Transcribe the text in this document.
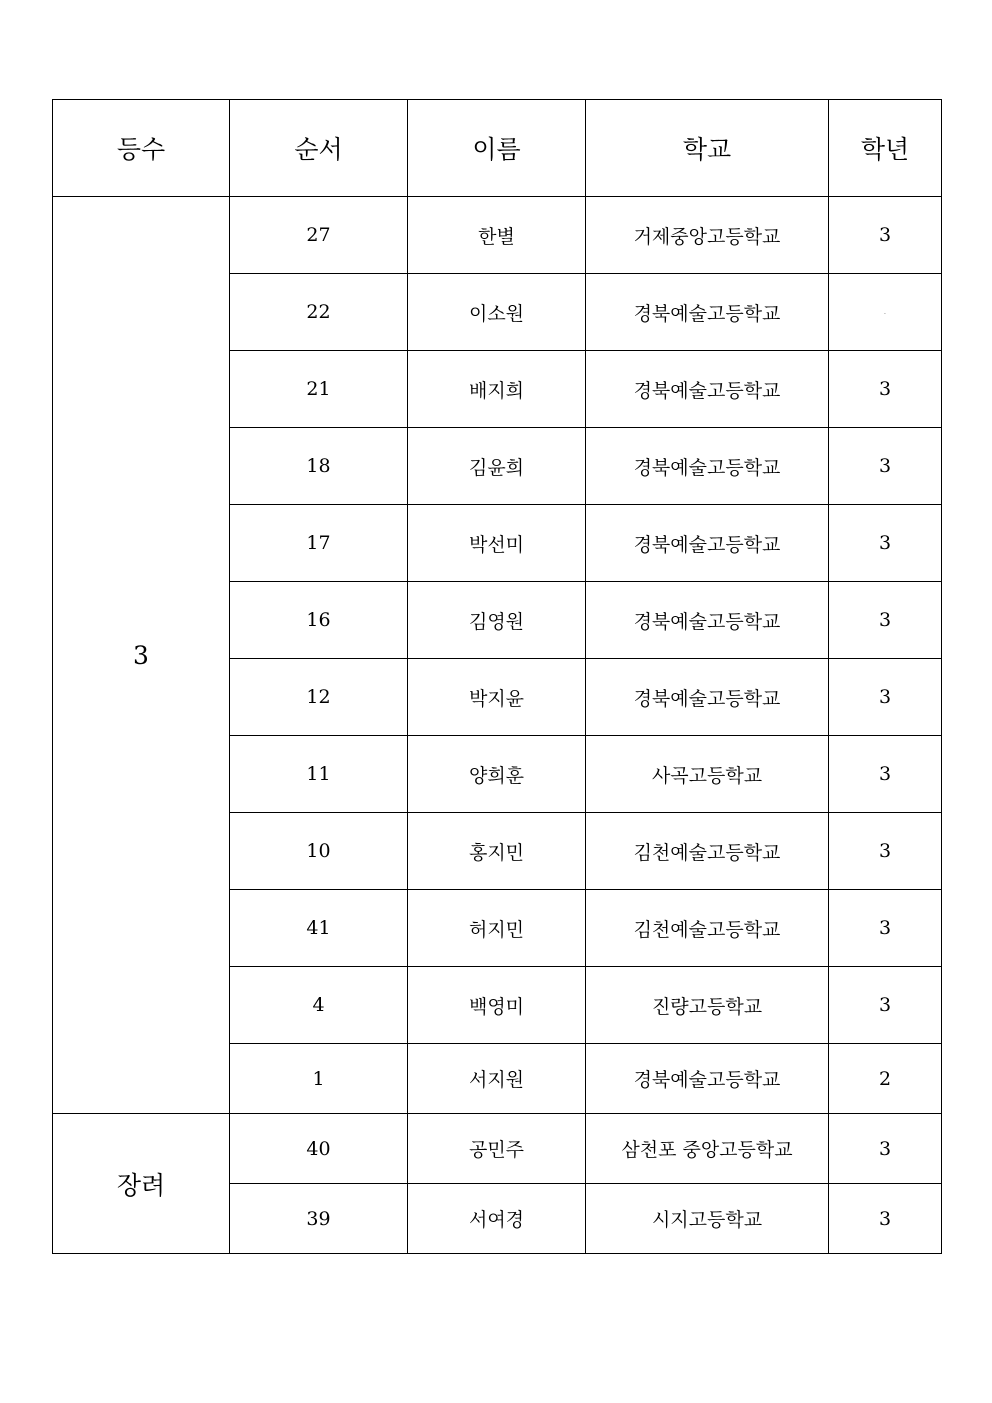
등수	순서	이름	학교	학년
3	27	한별	거제중앙고등학교	3
	22	이소원	경북예술고등학교	.
	21	배지희	경북예술고등학교	3
	18	김윤희	경북예술고등학교	3
	17	박선미	경북예술고등학교	3
	16	김영원	경북예술고등학교	3
	12	박지윤	경북예술고등학교	3
	11	양희훈	사곡고등학교	3
	10	홍지민	김천예술고등학교	3
	41	허지민	김천예술고등학교	3
	4	백영미	진량고등학교	3
	1	서지원	경북예술고등학교	2
장려	40	공민주	삼천포 중앙고등학교	3
	39	서여경	시지고등학교	3
